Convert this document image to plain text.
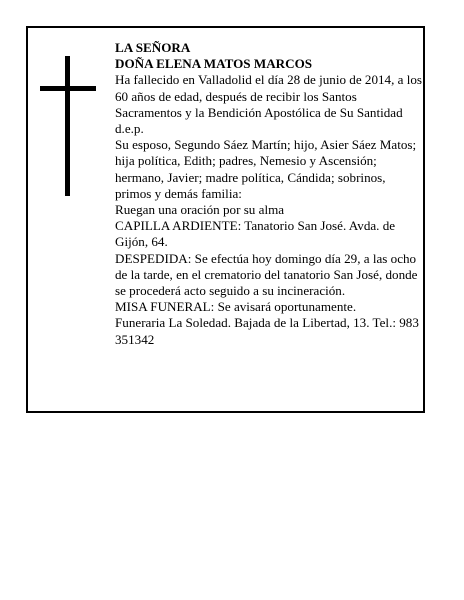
LA SEÑORA

DOÑA ELENA MATOS MARCOS

Ha fallecido en Valladolid el día 28 de junio de 2014, a los 60 años de edad, después de recibir los Santos Sacramentos y la Bendición Apostólica de Su Santidad d.e.p.

Su esposo, Segundo Sáez Martín; hijo, Asier Sáez Matos; hija política, Edith; padres, Nemesio y Ascensión; hermano, Javier; madre política, Cándida; sobrinos, primos y demás familia:

Ruegan una oración por su alma

CAPILLA ARDIENTE: Tanatorio San José. Avda. de Gijón, 64.

DESPEDIDA: Se efectúa hoy domingo día 29, a las ocho de la tarde, en el crematorio del tanatorio San José, donde se procederá acto seguido a su incineración.

MISA FUNERAL: Se avisará oportunamente.

Funeraria La Soledad. Bajada de la Libertad, 13. Tel.: 983 351342
